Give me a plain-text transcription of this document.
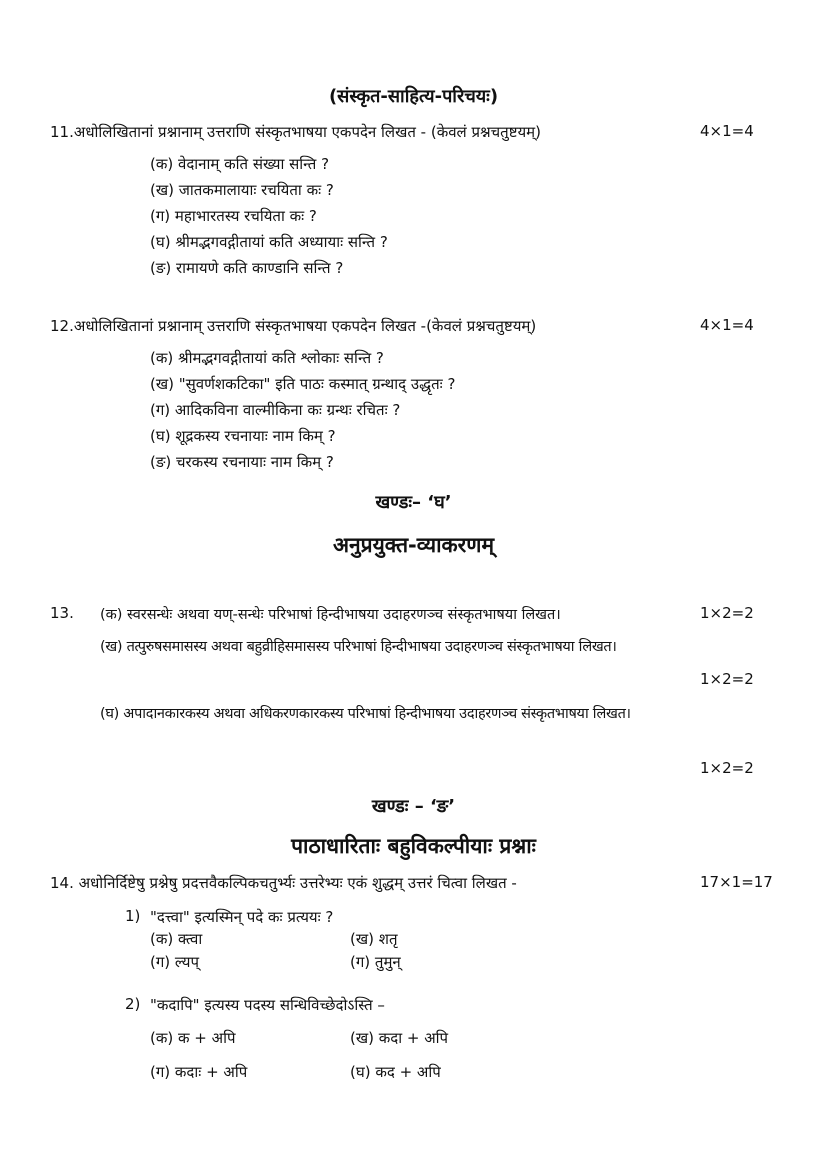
(संस्कृत-साहित्य-परिचयः)
11.अधोलिखितानां प्रश्नानाम् उत्तराणि संस्कृतभाषया एकपदेन लिखत - (केवलं प्रश्नचतुष्टयम्)	4×1=4
(क) वेदानाम् कति संख्या सन्ति ?
(ख) जातकमालायाः रचयिता कः ?
(ग) महाभारतस्य रचयिता कः ?
(घ) श्रीमद्भगवद्गीतायां कति अध्यायाः सन्ति ?
(ङ) रामायणे कति काण्डानि सन्ति ?
12.अधोलिखितानां प्रश्नानाम् उत्तराणि संस्कृतभाषया एकपदेन लिखत -(केवलं प्रश्नचतुष्टयम्)	4×1=4
(क) श्रीमद्भगवद्गीतायां कति श्लोकाः सन्ति ?
(ख) "सुवर्णशकटिका" इति पाठः कस्मात् ग्रन्थाद् उद्धृतः ?
(ग) आदिकविना वाल्मीकिना कः ग्रन्थः रचितः ?
(घ) शूद्रकस्य रचनायाः नाम किम् ?
(ङ) चरकस्य रचनायाः नाम किम् ?
खण्डः– ‘घ’
अनुप्रयुक्त-व्याकरणम्
13. (क) स्वरसन्धेः अथवा यण्-सन्धेः परिभाषां हिन्दीभाषया उदाहरणञ्च संस्कृतभाषया लिखत।	1×2=2
(ख) तत्पुरुषसमासस्य अथवा बहुव्रीहिसमासस्य परिभाषां हिन्दीभाषया उदाहरणञ्च संस्कृतभाषया लिखत।
1×2=2
(घ) अपादानकारकस्य अथवा अधिकरणकारकस्य परिभाषां हिन्दीभाषया उदाहरणञ्च संस्कृतभाषया लिखत।
1×2=2
खण्डः – ‘ङ’
पाठाधारिताः बहुविकल्पीयाः प्रश्नाः
14. अधोनिर्दिष्टेषु प्रश्नेषु प्रदत्तवैकल्पिकचतुर्भ्यः उत्तरेभ्यः एकं शुद्धम् उत्तरं चित्वा लिखत -	17×1=17
1) "दत्त्वा" इत्यस्मिन् पदे कः प्रत्ययः ?
(क) क्त्वा	(ख) शतृ
(ग) ल्यप्	(ग) तुमुन्
2) "कदापि" इत्यस्य पदस्य सन्धिविच्छेदोऽस्ति –
(क) क + अपि	(ख) कदा + अपि
(ग) कदाः + अपि	(घ) कद + अपि
